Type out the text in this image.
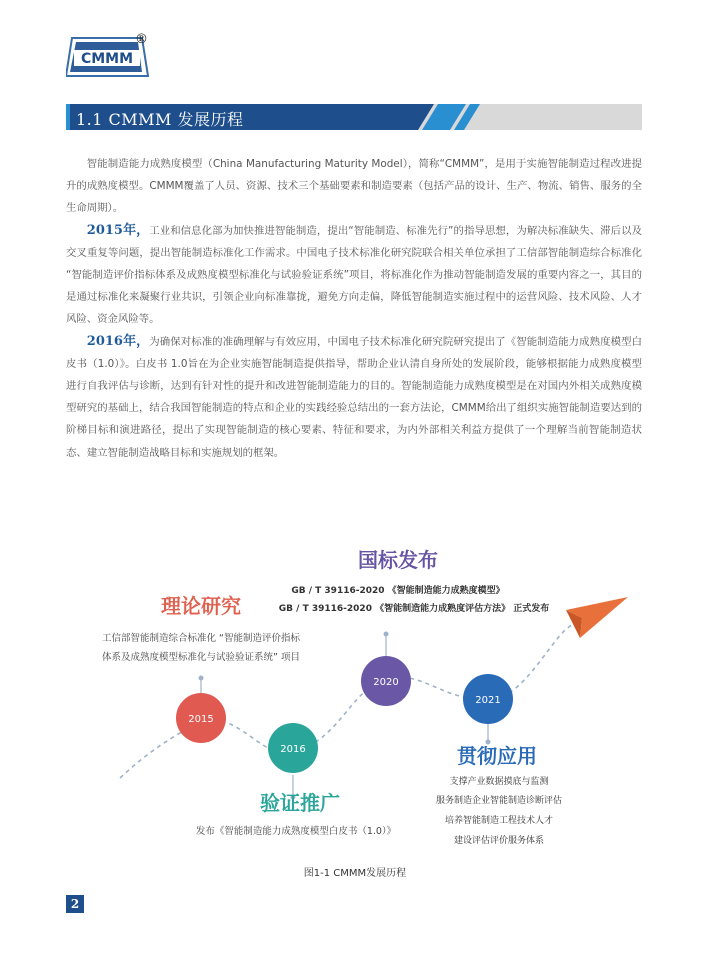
CMMM
®
1.1 CMMM 发展历程

智能制造能力成熟度模型（China Manufacturing Maturity Model），简称“CMMM”，是用于实施智能制造过程改进提升的成熟度模型。CMMM覆盖了人员、资源、技术三个基础要素和制造要素（包括产品的设计、生产、物流、销售、服务的全生命周期）。

2015年，工业和信息化部为加快推进智能制造，提出“智能制造、标准先行”的指导思想，为解决标准缺失、滞后以及交叉重复等问题，提出智能制造标准化工作需求。中国电子技术标准化研究院联合相关单位承担了工信部智能制造综合标准化 “智能制造评价指标体系及成熟度模型标准化与试验验证系统”项目，将标准化作为推动智能制造发展的重要内容之一，其目的是通过标准化来凝聚行业共识，引领企业向标准靠拢，避免方向走偏，降低智能制造实施过程中的运营风险、技术风险、人才风险、资金风险等。

2016年，为确保对标准的准确理解与有效应用，中国电子技术标准化研究院研究提出了《智能制造能力成熟度模型白皮书（1.0）》。白皮书 1.0旨在为企业实施智能制造提供指导，帮助企业认清自身所处的发展阶段，能够根据能力成熟度模型进行自我评估与诊断，达到有针对性的提升和改进智能制造能力的目的。智能制造能力成熟度模型是在对国内外相关成熟度模型研究的基础上，结合我国智能制造的特点和企业的实践经验总结出的一套方法论，CMMM给出了组织实施智能制造要达到的阶梯目标和演进路径，提出了实现智能制造的核心要素、特征和要求，为内外部相关利益方提供了一个理解当前智能制造状态、建立智能制造战略目标和实施规划的框架。

2015
2016
2020
2021
理论研究
工信部智能制造综合标准化 “智能制造评价指标
体系及成熟度模型标准化与试验验证系统” 项目
国标发布
GB / T 39116-2020 《智能制造能力成熟度模型》
GB / T 39116-2020 《智能制造能力成熟度评估方法》 正式发布
验证推广
发布《智能制造能力成熟度模型白皮书（1.0）》
贯彻应用
支撑产业数据摸底与监测
服务制造企业智能制造诊断评估
培养智能制造工程技术人才
建设评估评价服务体系
图1-1 CMMM发展历程
2
